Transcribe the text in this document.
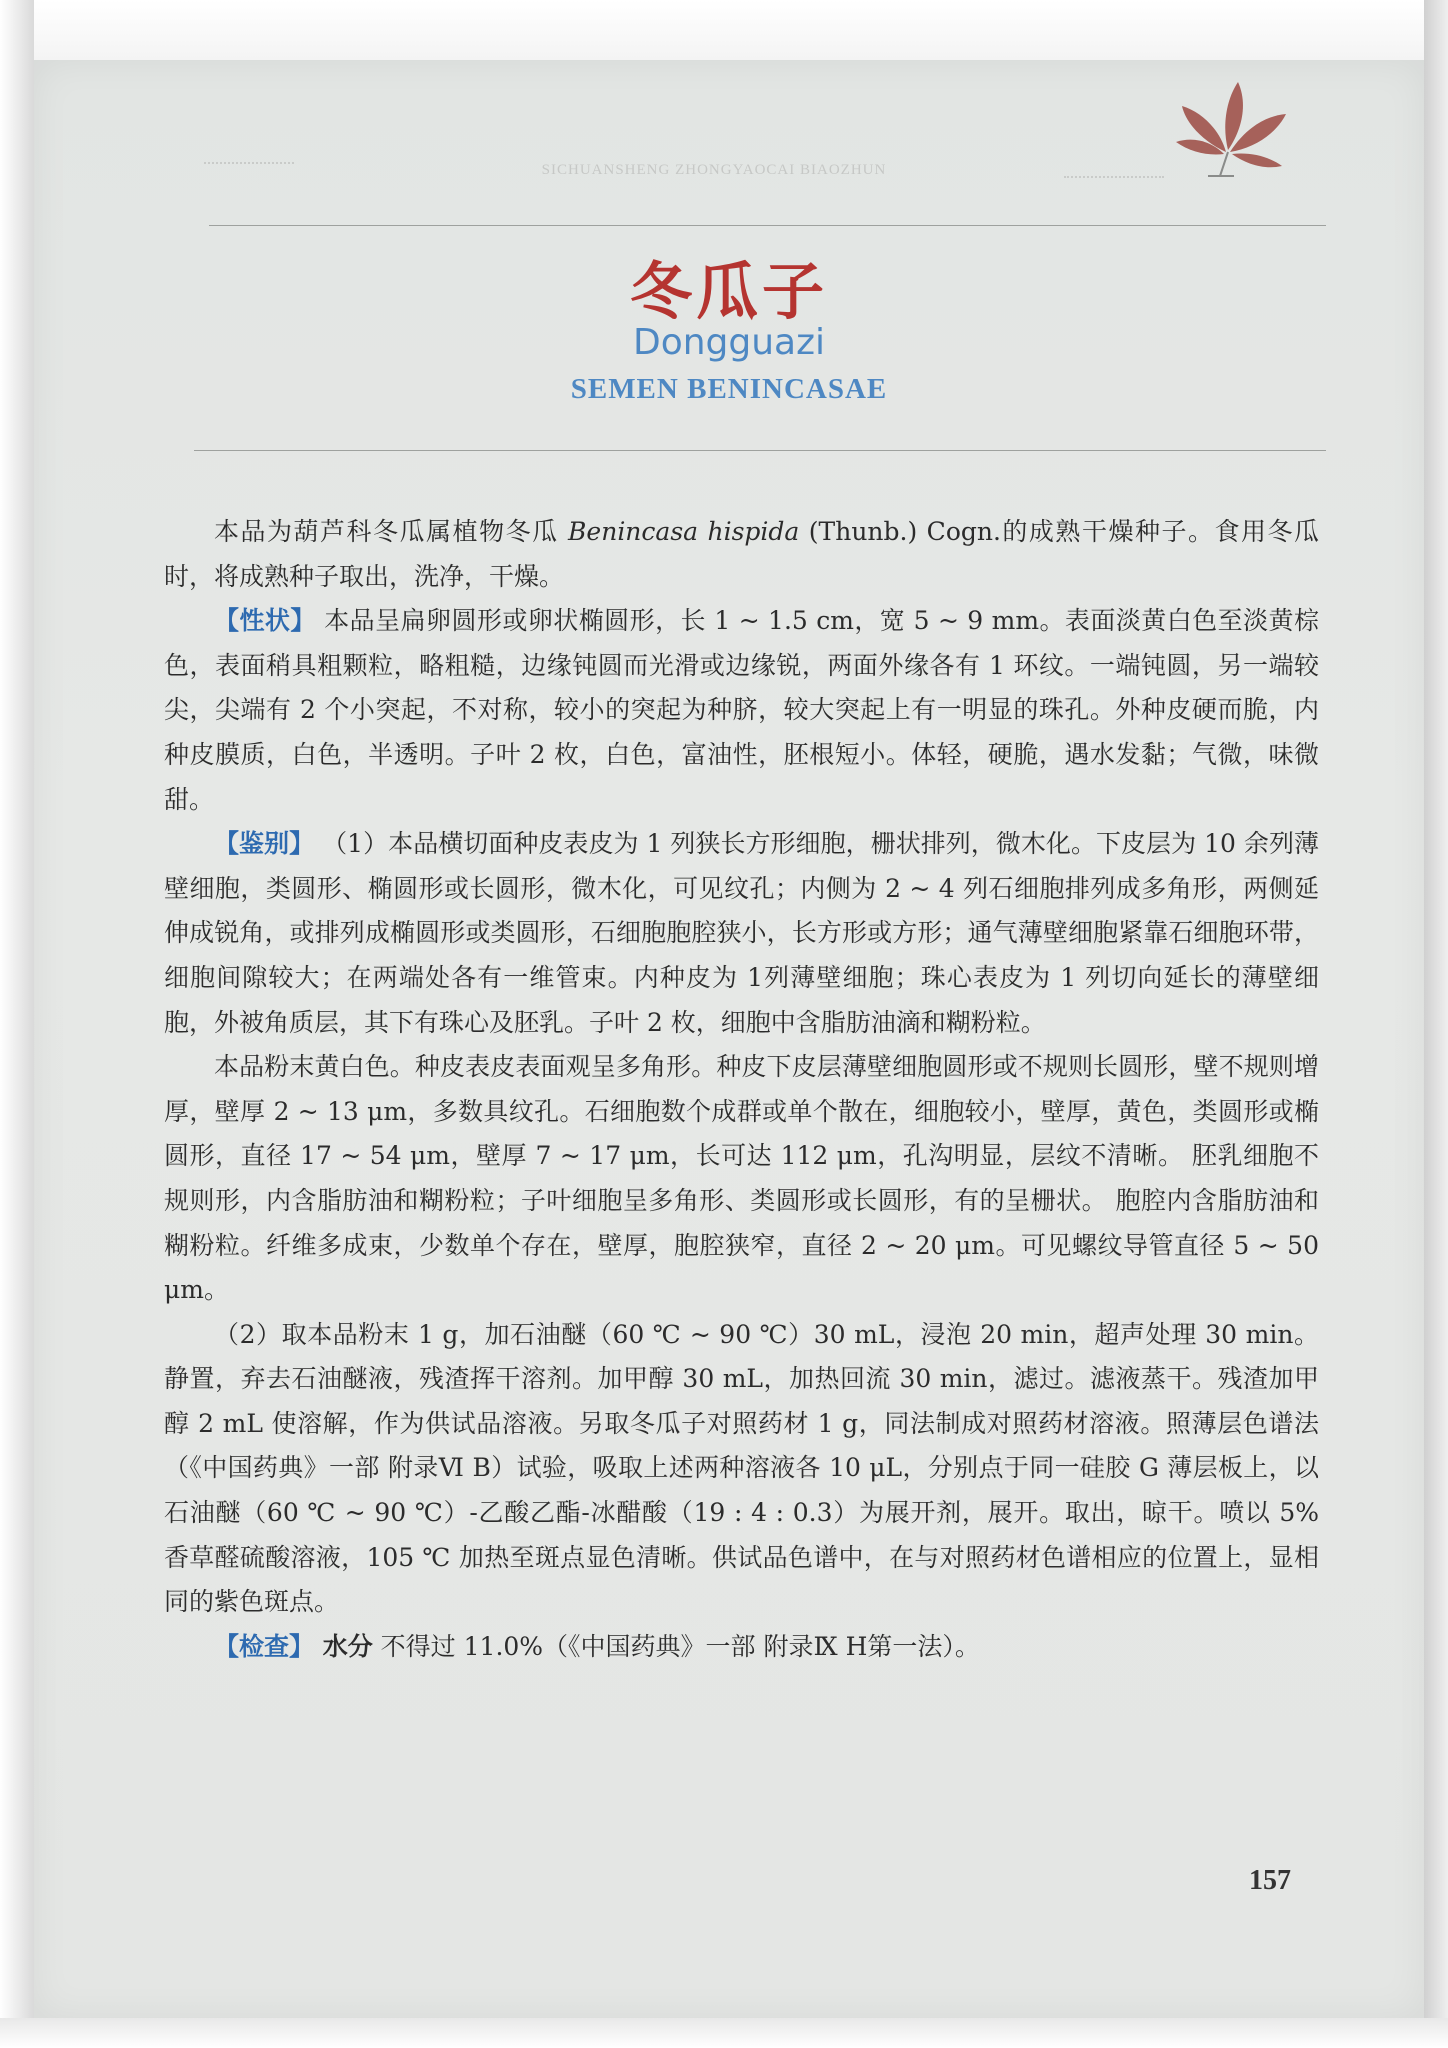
SICHUANSHENG ZHONGYAOCAI BIAOZHUN
冬瓜子
Dongguazi
SEMEN BENINCASAE

本品为葫芦科冬瓜属植物冬瓜 Benincasa hispida (Thunb.) Cogn.的成熟干燥种子。食用冬瓜时，将成熟种子取出，洗净，干燥。

【性状】 本品呈扁卵圆形或卵状椭圆形，长 1 ~ 1.5 cm，宽 5 ~ 9 mm。表面淡黄白色至淡黄棕色，表面稍具粗颗粒，略粗糙，边缘钝圆而光滑或边缘锐，两面外缘各有 1 环纹。一端钝圆，另一端较尖，尖端有 2 个小突起，不对称，较小的突起为种脐，较大突起上有一明显的珠孔。外种皮硬而脆，内种皮膜质，白色，半透明。子叶 2 枚，白色，富油性，胚根短小。体轻，硬脆，遇水发黏；气微，味微甜。

【鉴别】 （1）本品横切面种皮表皮为 1 列狭长方形细胞，栅状排列，微木化。下皮层为 10 余列薄壁细胞，类圆形、椭圆形或长圆形，微木化，可见纹孔；内侧为 2 ~ 4 列石细胞排列成多角形，两侧延伸成锐角，或排列成椭圆形或类圆形，石细胞胞腔狭小，长方形或方形；通气薄壁细胞紧靠石细胞环带，细胞间隙较大；在两端处各有一维管束。内种皮为 1列薄壁细胞；珠心表皮为 1 列切向延长的薄壁细胞，外被角质层，其下有珠心及胚乳。子叶 2 枚，细胞中含脂肪油滴和糊粉粒。

本品粉末黄白色。种皮表皮表面观呈多角形。种皮下皮层薄壁细胞圆形或不规则长圆形，壁不规则增厚，壁厚 2 ~ 13 μm，多数具纹孔。石细胞数个成群或单个散在，细胞较小，壁厚，黄色，类圆形或椭圆形，直径 17 ~ 54 μm，壁厚 7 ~ 17 μm，长可达 112 μm，孔沟明显，层纹不清晰。 胚乳细胞不规则形，内含脂肪油和糊粉粒；子叶细胞呈多角形、类圆形或长圆形，有的呈栅状。 胞腔内含脂肪油和糊粉粒。纤维多成束，少数单个存在，壁厚，胞腔狭窄，直径 2 ~ 20 μm。可见螺纹导管直径 5 ~ 50 μm。

（2）取本品粉末 1 g，加石油醚（60 ℃ ~ 90 ℃）30 mL，浸泡 20 min，超声处理 30 min。静置，弃去石油醚液，残渣挥干溶剂。加甲醇 30 mL，加热回流 30 min，滤过。滤液蒸干。残渣加甲醇 2 mL 使溶解，作为供试品溶液。另取冬瓜子对照药材 1 g，同法制成对照药材溶液。照薄层色谱法（《中国药典》一部 附录Ⅵ B）试验，吸取上述两种溶液各 10 μL，分别点于同一硅胶 G 薄层板上，以石油醚（60 ℃ ~ 90 ℃）-乙酸乙酯-冰醋酸（19 : 4 : 0.3）为展开剂，展开。取出，晾干。喷以 5% 香草醛硫酸溶液，105 ℃ 加热至斑点显色清晰。供试品色谱中，在与对照药材色谱相应的位置上，显相同的紫色斑点。

【检查】 水分 不得过 11.0%（《中国药典》一部 附录Ⅸ H第一法）。

157
